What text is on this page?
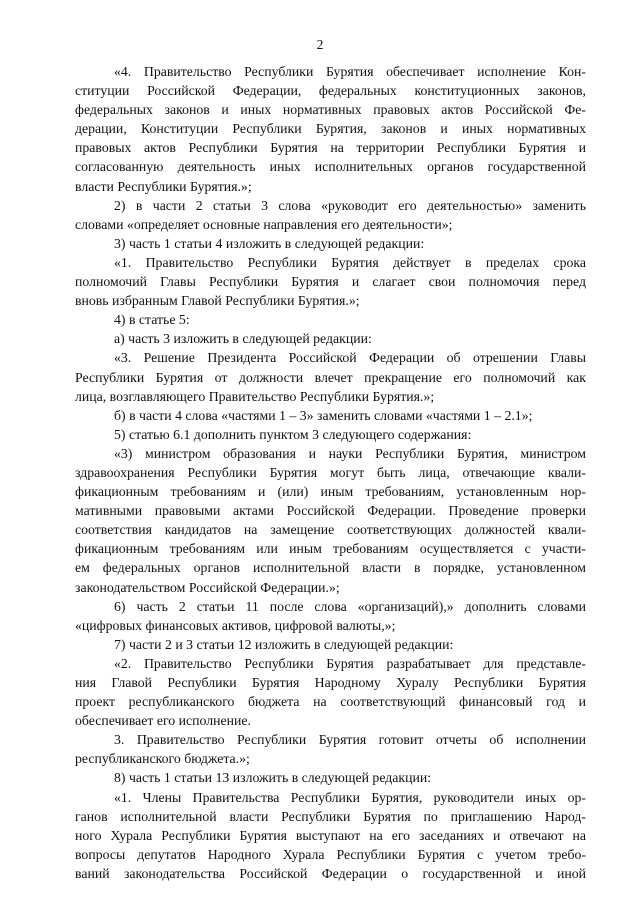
2
«4. Правительство Республики Бурятия обеспечивает исполнение Кон-
ституции Российской Федерации, федеральных конституционных законов,
федеральных законов и иных нормативных правовых актов Российской Фе-
дерации, Конституции Республики Бурятия, законов и иных нормативных
правовых актов Республики Бурятия на территории Республики Бурятия и
согласованную деятельность иных исполнительных органов государственной
власти Республики Бурятия.»;
2) в части 2 статьи 3 слова «руководит его деятельностью» заменить
словами «определяет основные направления его деятельности»;
3) часть 1 статьи 4 изложить в следующей редакции:
«1. Правительство Республики Бурятия действует в пределах срока
полномочий Главы Республики Бурятия и слагает свои полномочия перед
вновь избранным Главой Республики Бурятия.»;
4) в статье 5:
а) часть 3 изложить в следующей редакции:
«3. Решение Президента Российской Федерации об отрешении Главы
Республики Бурятия от должности влечет прекращение его полномочий как
лица, возглавляющего Правительство Республики Бурятия.»;
б) в части 4 слова «частями 1 – 3» заменить словами «частями 1 – 2.1»;
5) статью 6.1 дополнить пунктом 3 следующего содержания:
«3) министром образования и науки Республики Бурятия, министром
здравоохранения Республики Бурятия могут быть лица, отвечающие квали-
фикационным требованиям и (или) иным требованиям, установленным нор-
мативными правовыми актами Российской Федерации. Проведение проверки
соответствия кандидатов на замещение соответствующих должностей квали-
фикационным требованиям или иным требованиям осуществляется с участи-
ем федеральных органов исполнительной власти в порядке, установленном
законодательством Российской Федерации.»;
6) часть 2 статьи 11 после слова «организаций),» дополнить словами
«цифровых финансовых активов, цифровой валюты,»;
7) части 2 и 3 статьи 12 изложить в следующей редакции:
«2. Правительство Республики Бурятия разрабатывает для представле-
ния Главой Республики Бурятия Народному Хуралу Республики Бурятия
проект республиканского бюджета на соответствующий финансовый год и
обеспечивает его исполнение.
3. Правительство Республики Бурятия готовит отчеты об исполнении
республиканского бюджета.»;
8) часть 1 статьи 13 изложить в следующей редакции:
«1. Члены Правительства Республики Бурятия, руководители иных ор-
ганов исполнительной власти Республики Бурятия по приглашению Народ-
ного Хурала Республики Бурятия выступают на его заседаниях и отвечают на
вопросы депутатов Народного Хурала Республики Бурятия с учетом требо-
ваний законодательства Российской Федерации о государственной и иной
